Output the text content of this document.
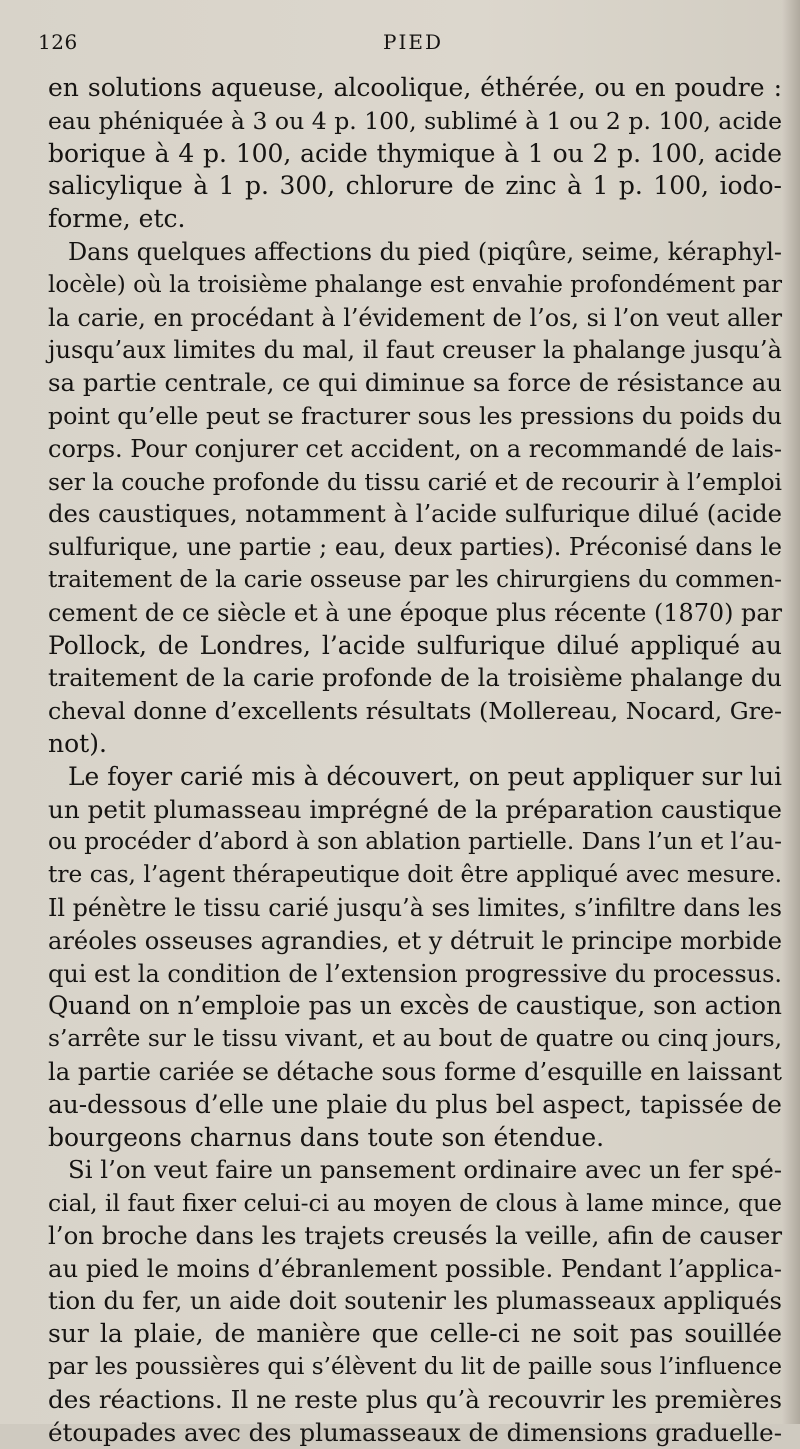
126	PIED
en solutions aqueuse, alcoolique, éthérée, ou en poudre :
eau phéniquée à 3 ou 4 p. 100, sublimé à 1 ou 2 p. 100, acide
borique à 4 p. 100, acide thymique à 1 ou 2 p. 100, acide
salicylique à 1 p. 300, chlorure de zinc à 1 p. 100, iodo-
forme, etc.
Dans quelques affections du pied (piqûre, seime, kéraphyl-
locèle) où la troisième phalange est envahie profondément par
la carie, en procédant à l’évidement de l’os, si l’on veut aller
jusqu’aux limites du mal, il faut creuser la phalange jusqu’à
sa partie centrale, ce qui diminue sa force de résistance au
point qu’elle peut se fracturer sous les pressions du poids du
corps. Pour conjurer cet accident, on a recommandé de lais-
ser la couche profonde du tissu carié et de recourir à l’emploi
des caustiques, notamment à l’acide sulfurique dilué (acide
sulfurique, une partie ; eau, deux parties). Préconisé dans le
traitement de la carie osseuse par les chirurgiens du commen-
cement de ce siècle et à une époque plus récente (1870) par
Pollock, de Londres, l’acide sulfurique dilué appliqué au
traitement de la carie profonde de la troisième phalange du
cheval donne d’excellents résultats (Mollereau, Nocard, Gre-
not).
Le foyer carié mis à découvert, on peut appliquer sur lui
un petit plumasseau imprégné de la préparation caustique
ou procéder d’abord à son ablation partielle. Dans l’un et l’au-
tre cas, l’agent thérapeutique doit être appliqué avec mesure.
Il pénètre le tissu carié jusqu’à ses limites, s’infiltre dans les
aréoles osseuses agrandies, et y détruit le principe morbide
qui est la condition de l’extension progressive du processus.
Quand on n’emploie pas un excès de caustique, son action
s’arrête sur le tissu vivant, et au bout de quatre ou cinq jours,
la partie cariée se détache sous forme d’esquille en laissant
au-dessous d’elle une plaie du plus bel aspect, tapissée de
bourgeons charnus dans toute son étendue.
Si l’on veut faire un pansement ordinaire avec un fer spé-
cial, il faut fixer celui-ci au moyen de clous à lame mince, que
l’on broche dans les trajets creusés la veille, afin de causer
au pied le moins d’ébranlement possible. Pendant l’applica-
tion du fer, un aide doit soutenir les plumasseaux appliqués
sur la plaie, de manière que celle-ci ne soit pas souillée
par les poussières qui s’élèvent du lit de paille sous l’influence
des réactions. Il ne reste plus qu’à recouvrir les premières
étoupades avec des plumasseaux de dimensions graduelle-
